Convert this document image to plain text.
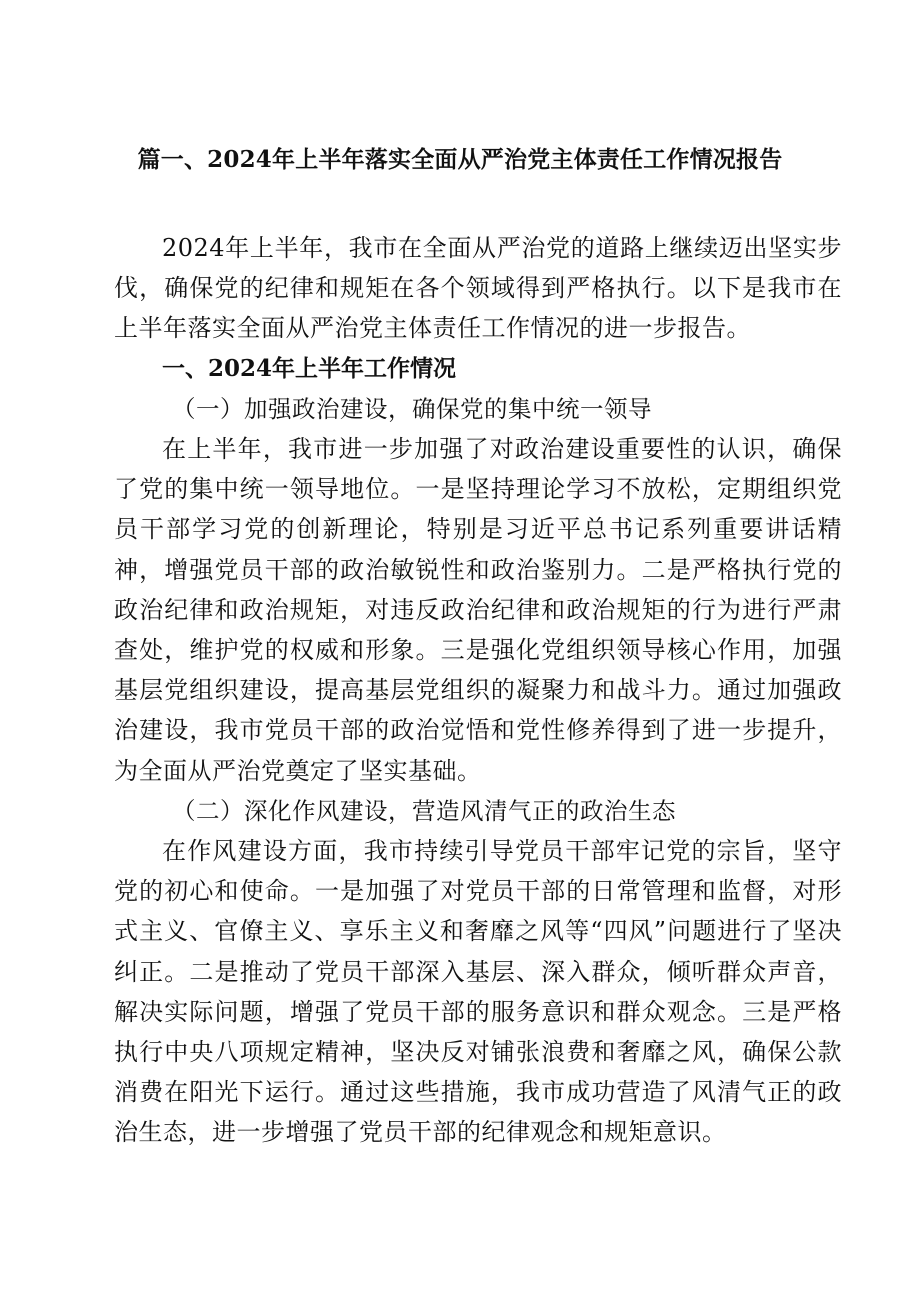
篇一、2024年上半年落实全面从严治党主体责任工作情况报告

2024年上半年，我市在全面从严治党的道路上继续迈出坚实步伐，确保党的纪律和规矩在各个领域得到严格执行。以下是我市在上半年落实全面从严治党主体责任工作情况的进一步报告。

一、2024年上半年工作情况

（一）加强政治建设，确保党的集中统一领导

在上半年，我市进一步加强了对政治建设重要性的认识，确保了党的集中统一领导地位。一是坚持理论学习不放松，定期组织党员干部学习党的创新理论，特别是习近平总书记系列重要讲话精神，增强党员干部的政治敏锐性和政治鉴别力。二是严格执行党的政治纪律和政治规矩，对违反政治纪律和政治规矩的行为进行严肃查处，维护党的权威和形象。三是强化党组织领导核心作用，加强基层党组织建设，提高基层党组织的凝聚力和战斗力。通过加强政治建设，我市党员干部的政治觉悟和党性修养得到了进一步提升，为全面从严治党奠定了坚实基础。

（二）深化作风建设，营造风清气正的政治生态

在作风建设方面，我市持续引导党员干部牢记党的宗旨，坚守党的初心和使命。一是加强了对党员干部的日常管理和监督，对形式主义、官僚主义、享乐主义和奢靡之风等“四风”问题进行了坚决纠正。二是推动了党员干部深入基层、深入群众，倾听群众声音，解决实际问题，增强了党员干部的服务意识和群众观念。三是严格执行中央八项规定精神，坚决反对铺张浪费和奢靡之风，确保公款消费在阳光下运行。通过这些措施，我市成功营造了风清气正的政治生态，进一步增强了党员干部的纪律观念和规矩意识。
